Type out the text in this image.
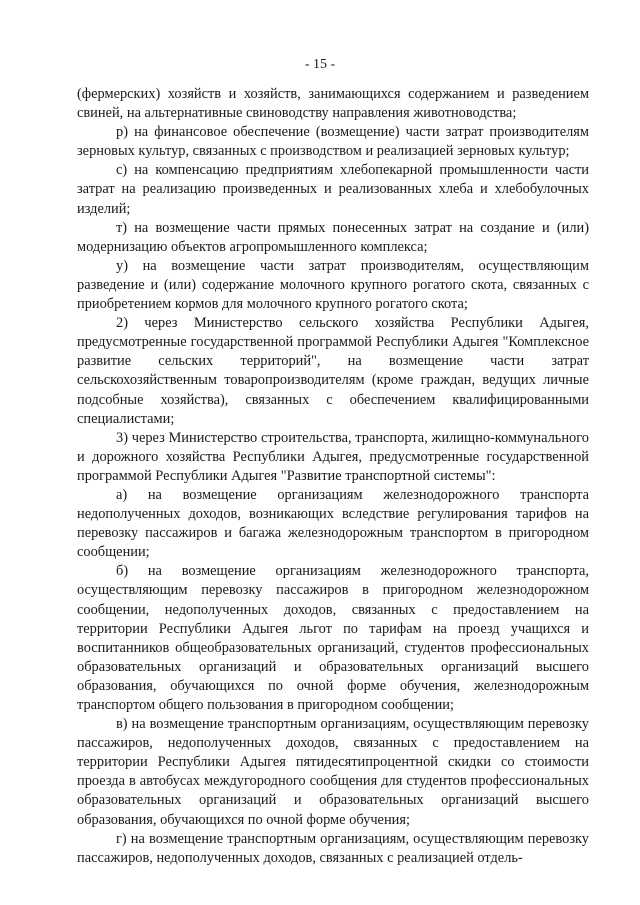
- 15 -

(фермерских) хозяйств и хозяйств, занимающихся содержанием и разведением свиней, на альтернативные свиноводству направления животноводства;

р) на финансовое обеспечение (возмещение) части затрат производителям зерновых культур, связанных с производством и реализацией зерновых культур;

с) на компенсацию предприятиям хлебопекарной промышленности части затрат на реализацию произведенных и реализованных хлеба и хлебобулочных изделий;

т) на возмещение части прямых понесенных затрат на создание и (или) модернизацию объектов агропромышленного комплекса;

у) на возмещение части затрат производителям, осуществляющим разведение и (или) содержание молочного крупного рогатого скота, связанных с приобретением кормов для молочного крупного рогатого скота;

2) через Министерство сельского хозяйства Республики Адыгея, предусмотренные государственной программой Республики Адыгея "Комплексное развитие сельских территорий", на возмещение части затрат сельскохозяйственным товаропроизводителям (кроме граждан, ведущих личные подсобные хозяйства), связанных с обеспечением квалифицированными специалистами;

3) через Министерство строительства, транспорта, жилищно-коммунального и дорожного хозяйства Республики Адыгея, предусмотренные государственной программой Республики Адыгея "Развитие транспортной системы":

а) на возмещение организациям железнодорожного транспорта недополученных доходов, возникающих вследствие регулирования тарифов на перевозку пассажиров и багажа железнодорожным транспортом в пригородном сообщении;

б) на возмещение организациям железнодорожного транспорта, осуществляющим перевозку пассажиров в пригородном железнодорожном сообщении, недополученных доходов, связанных с предоставлением на территории Республики Адыгея льгот по тарифам на проезд учащихся и воспитанников общеобразовательных организаций, студентов профессиональных образовательных организаций и образовательных организаций высшего образования, обучающихся по очной форме обучения, железнодорожным транспортом общего пользования в пригородном сообщении;

в) на возмещение транспортным организациям, осуществляющим перевозку пассажиров, недополученных доходов, связанных с предоставлением на территории Республики Адыгея пятидесятипроцентной скидки со стоимости проезда в автобусах междугородного сообщения для студентов профессиональных образовательных организаций и образовательных организаций высшего образования, обучающихся по очной форме обучения;

г) на возмещение транспортным организациям, осуществляющим перевозку пассажиров, недополученных доходов, связанных с реализацией отдель-
